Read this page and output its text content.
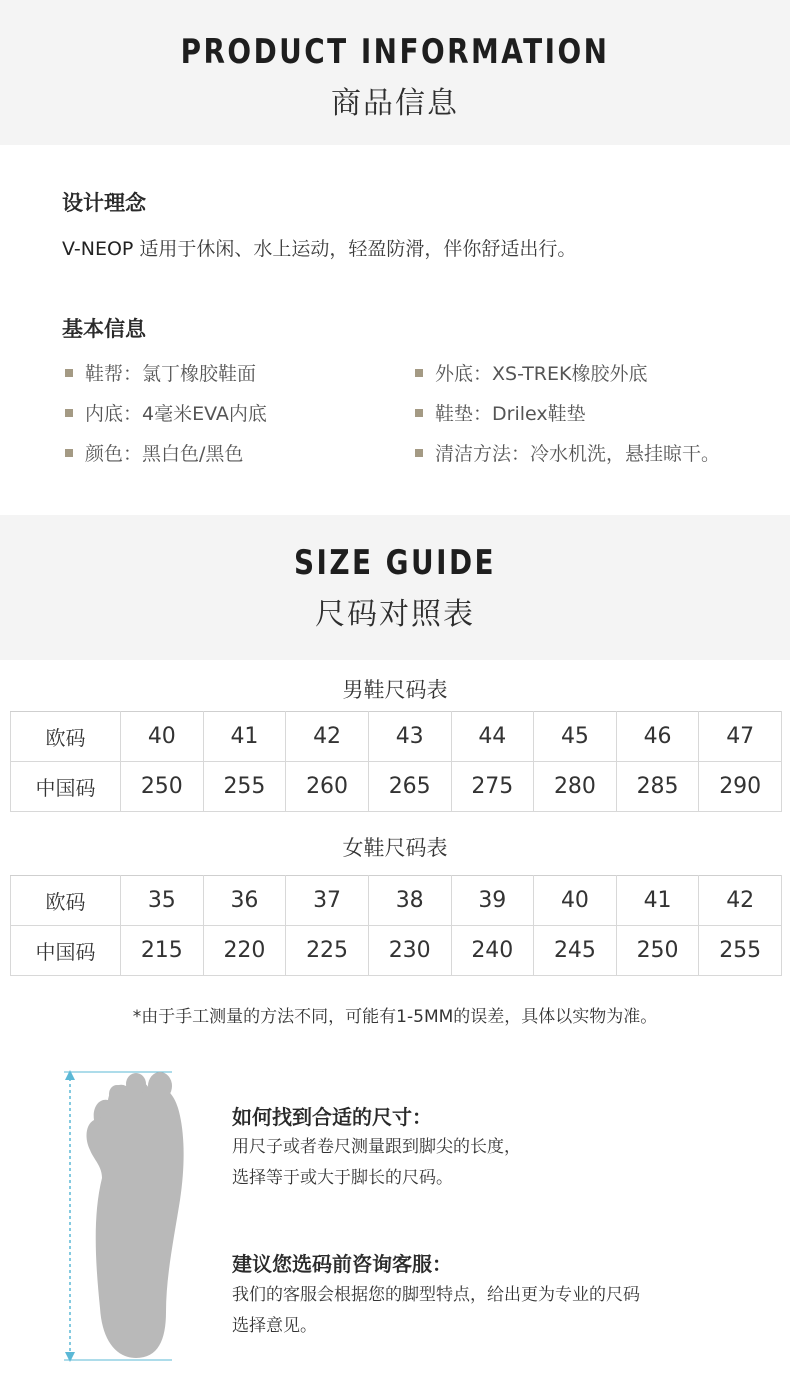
PRODUCT INFORMATION
商品信息
设计理念
V-NEOP 适用于休闲、水上运动，轻盈防滑，伴你舒适出行。
基本信息
鞋帮：氯丁橡胶鞋面	外底：XS-TREK橡胶外底
内底：4毫米EVA内底	鞋垫：Drilex鞋垫
颜色：黑白色/黑色	清洁方法：冷水机洗，悬挂晾干。
SIZE GUIDE
尺码对照表
男鞋尺码表
欧码	40	41	42	43	44	45	46	47
中国码	250	255	260	265	275	280	285	290
女鞋尺码表
欧码	35	36	37	38	39	40	41	42
中国码	215	220	225	230	240	245	250	255
*由于手工测量的方法不同，可能有1-5MM的误差，具体以实物为准。
如何找到合适的尺寸：
用尺子或者卷尺测量跟到脚尖的长度，
选择等于或大于脚长的尺码。
建议您选码前咨询客服：
我们的客服会根据您的脚型特点，给出更为专业的尺码
选择意见。
